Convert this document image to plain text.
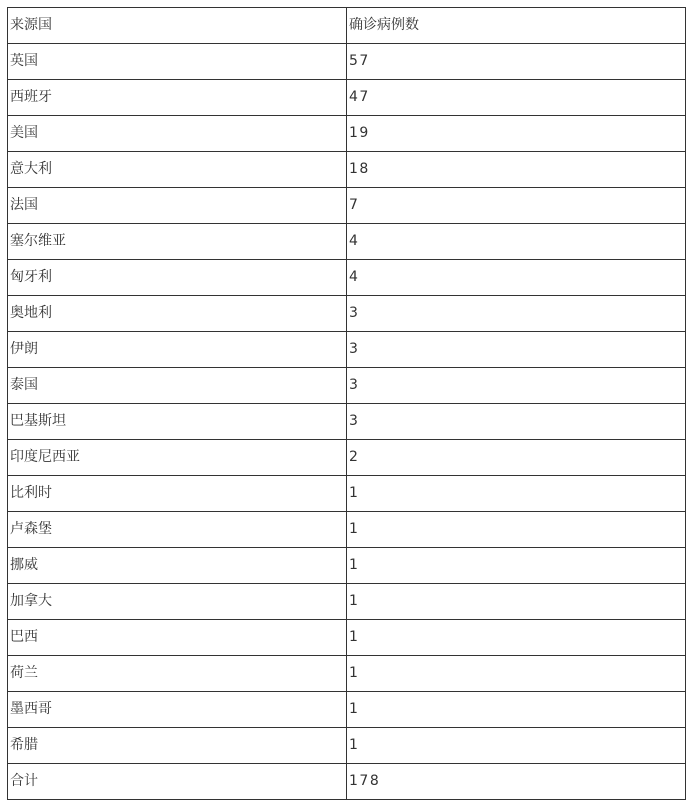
来源国	确诊病例数
英国	57
西班牙	47
美国	19
意大利	18
法国	7
塞尔维亚	4
匈牙利	4
奥地利	3
伊朗	3
泰国	3
巴基斯坦	3
印度尼西亚	2
比利时	1
卢森堡	1
挪威	1
加拿大	1
巴西	1
荷兰	1
墨西哥	1
希腊	1
合计	178
